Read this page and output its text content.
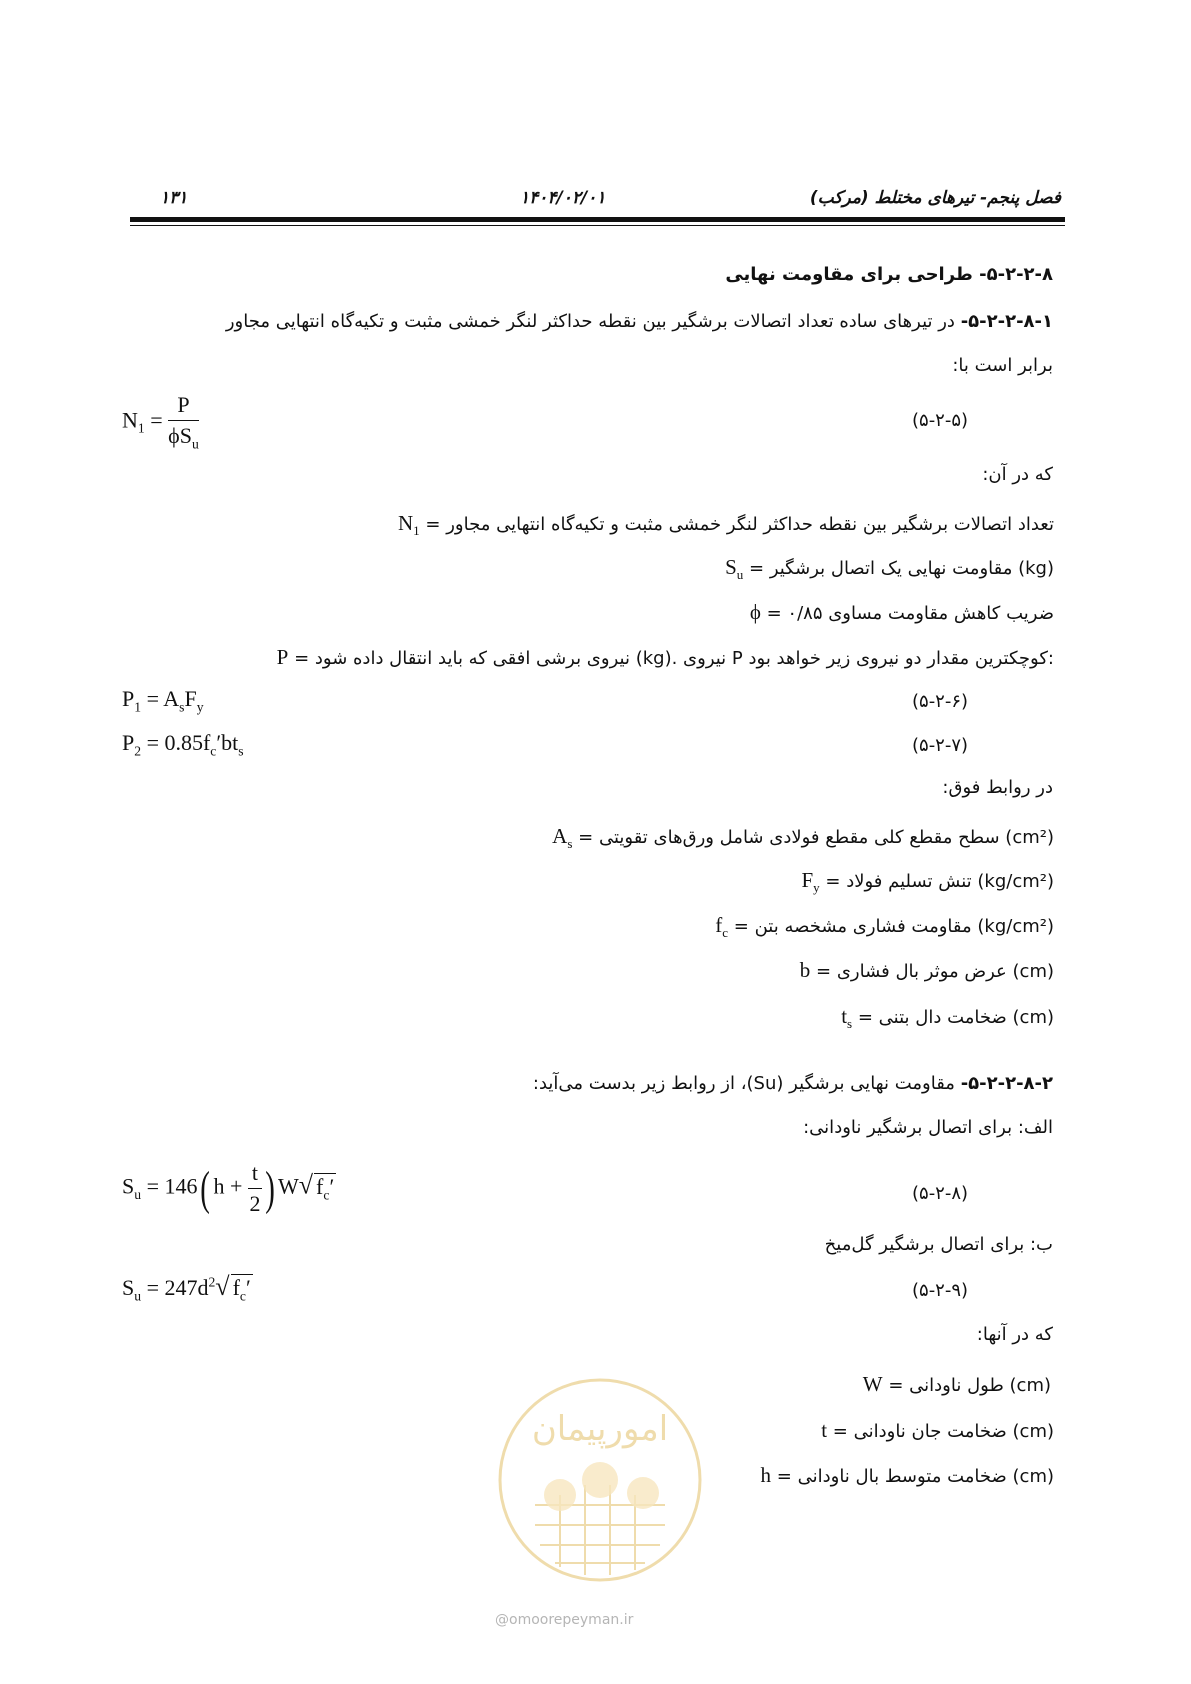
۱۳۱	۱۴۰۴/۰۲/۰۱	فصل پنجم- تیرهای مختلط (مرکب)
۵-۲-۲-۸- طراحی برای مقاومت نهایی
۵-۲-۲-۸-۱- در تیرهای ساده تعداد اتصالات برشگیر بین نقطه حداکثر لنگر خمشی مثبت و تکیه‌گاه انتهایی مجاور
برابر است با:
$N_1 = \frac{P}{\phi S_u}$	(۵-۲-۵)
که در آن:
$N_1$ = تعداد اتصالات برشگیر بین نقطه حداکثر لنگر خمشی مثبت و تکیه‌گاه انتهایی مجاور
$S_u$ = مقاومت نهایی یک اتصال برشگیر (kg)
ϕ = ضریب کاهش مقاومت مساوی ۰/۸۵
P = نیروی برشی افقی که باید انتقال داده شود (kg). نیروی P کوچکترین مقدار دو نیروی زیر خواهد بود:
$P_1 = A_sF_y$	(۵-۲-۶)
$P_2 = 0.85f_c'bt_s$	(۵-۲-۷)
در روابط فوق:
$A_s$ = سطح مقطع کلی مقطع فولادی شامل ورق‌های تقویتی (cm²)
$F_y$ = تنش تسلیم فولاد (kg/cm²)
$f_c$ = مقاومت فشاری مشخصه بتن (kg/cm²)
b = عرض موثر بال فشاری (cm)
$t_s$ = ضخامت دال بتنی (cm)
۵-۲-۲-۸-۲- مقاومت نهایی برشگیر (Su)، از روابط زیر بدست می‌آید:
الف: برای اتصال برشگیر ناودانی:
$S_u = 146$( $h + \frac{t}{2}$ ) W√ $f_c'$	(۵-۲-۸)
ب: برای اتصال برشگیر گل‌میخ
$S_u = 247d^2√$ $f_c'$	(۵-۲-۹)
که در آنها:
W = طول ناودانی (cm)
t = ضخامت جان ناودانی (cm)
h = ضخامت متوسط بال ناودانی (cm)
امورپیمان
@omoorepeyman.ir
